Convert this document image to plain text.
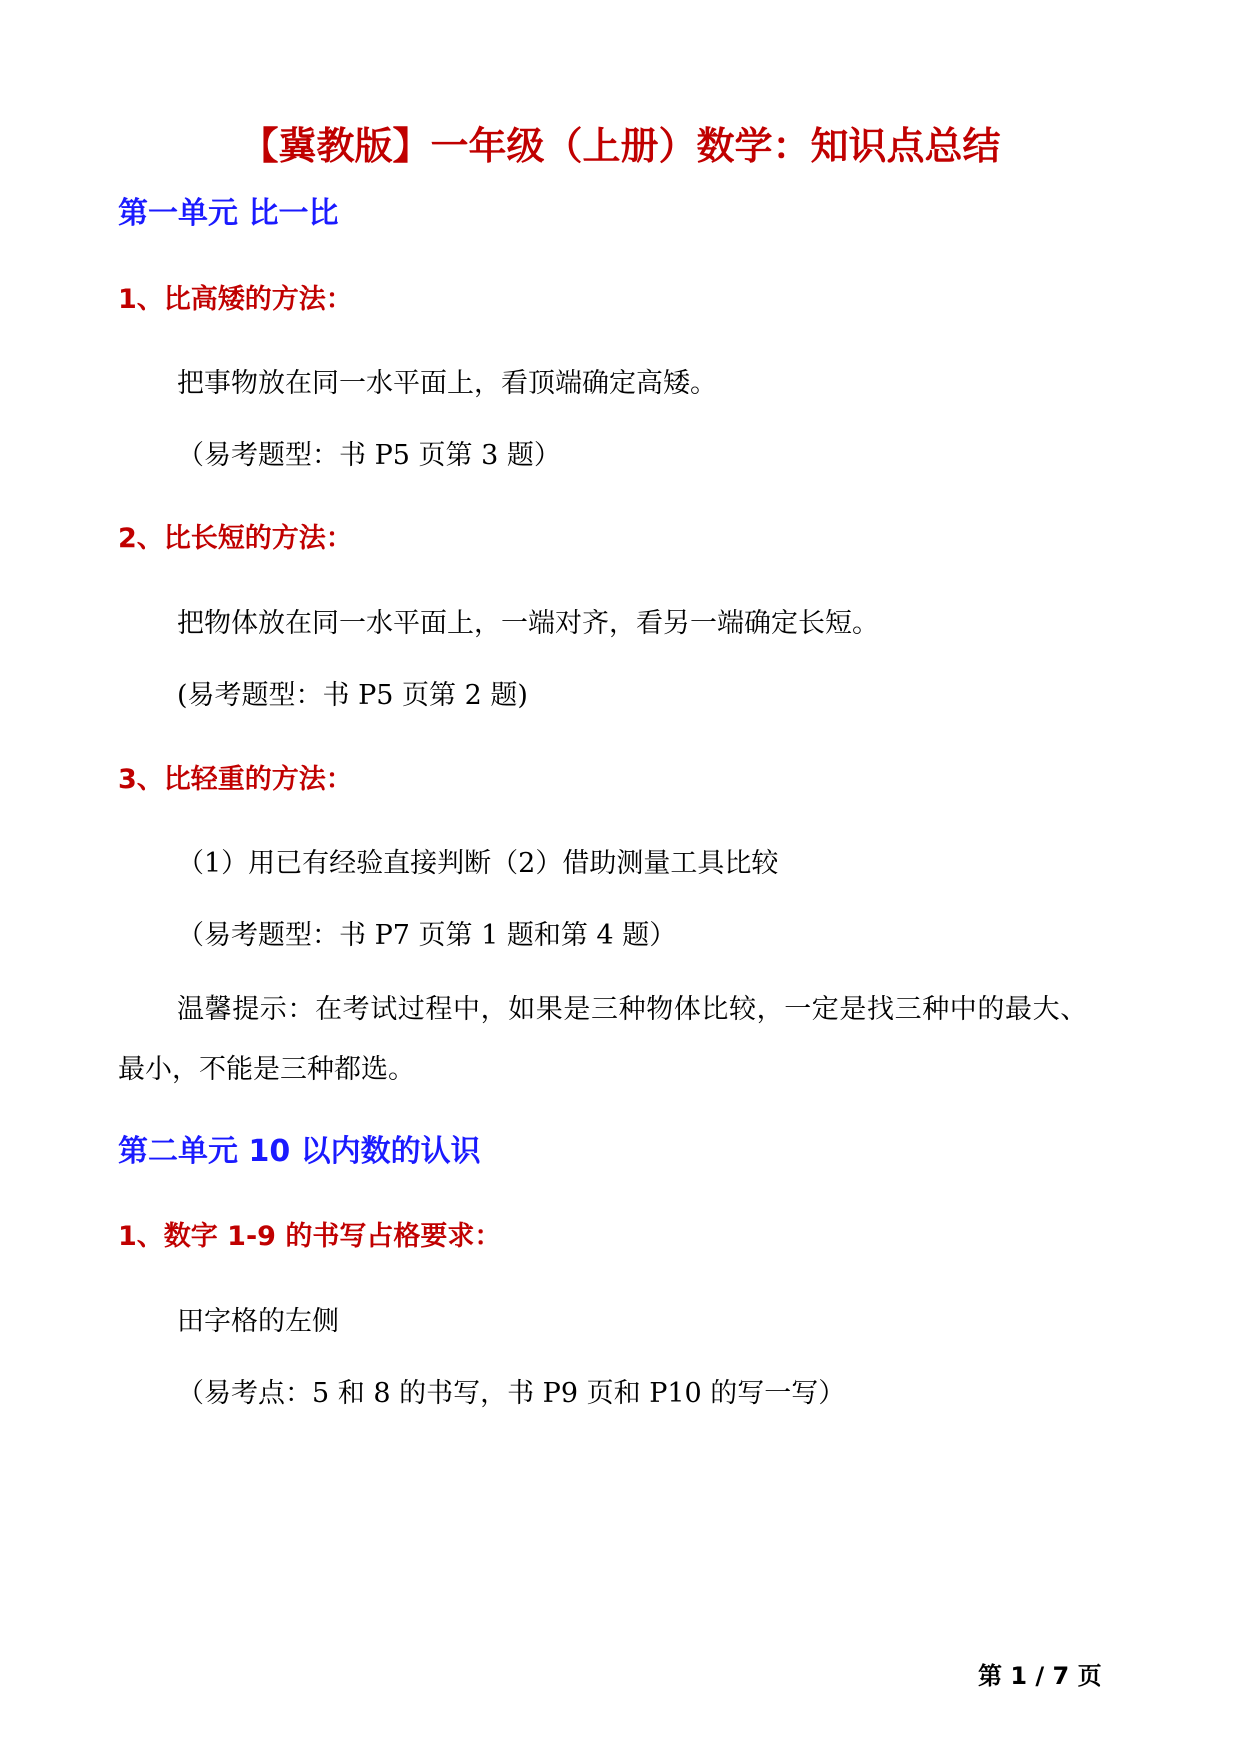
【冀教版】一年级（上册）数学：知识点总结
第一单元 比一比
1、比高矮的方法：
把事物放在同一水平面上，看顶端确定高矮。
（易考题型：书 P5 页第 3 题）
2、比长短的方法：
把物体放在同一水平面上，一端对齐，看另一端确定长短。
(易考题型：书 P5 页第 2 题)
3、比轻重的方法：
（1）用已有经验直接判断（2）借助测量工具比较
（易考题型：书 P7 页第 1 题和第 4 题）
温馨提示：在考试过程中，如果是三种物体比较，一定是找三种中的最大、
最小，不能是三种都选。
第二单元 10 以内数的认识
1、数字 1-9 的书写占格要求：
田字格的左侧
（易考点：5 和 8 的书写，书 P9 页和 P10 的写一写）
第 1 / 7 页
